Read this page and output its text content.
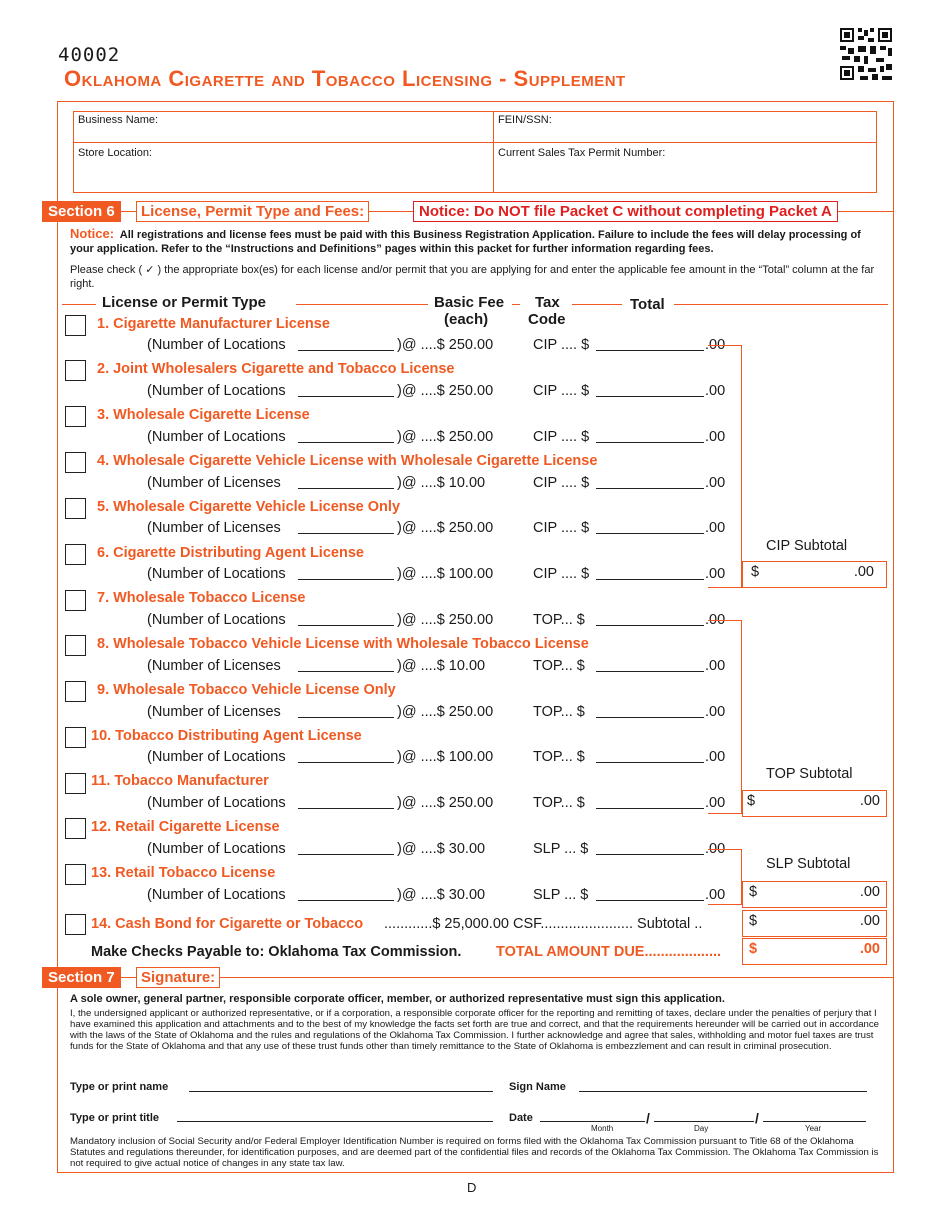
40002
Oklahoma Cigarette and Tobacco Licensing - Supplement
Business Name:	FEIN/SSN:
Store Location:	Current Sales Tax Permit Number:
Section 6	License, Permit Type and Fees:	Notice: Do NOT file Packet C without completing Packet A
Notice: All registrations and license fees must be paid with this Business Registration Application. Failure to include the fees will delay processing of your application. Refer to the “Instructions and Definitions” pages within this packet for further information regarding fees.
Please check ( ✓ ) the appropriate box(es) for each license and/or permit that you are applying for and enter the applicable fee amount in the “Total” column at the far right.
License or Permit Type	Basic Fee
(each)
Tax
Code
Total
1. Cigarette Manufacturer License
(Number of Locations	)@ ....$ 250.00	CIP .... $	.00
2. Joint Wholesalers Cigarette and Tobacco License
(Number of Locations	)@ ....$ 250.00	CIP .... $	.00
3. Wholesale Cigarette License
(Number of Locations	)@ ....$ 250.00	CIP .... $	.00
4. Wholesale Cigarette Vehicle License with Wholesale Cigarette License
(Number of Licenses	)@ ....$ 10.00	CIP .... $	.00
5. Wholesale Cigarette Vehicle License Only
(Number of Licenses	)@ ....$ 250.00	CIP .... $	.00
6. Cigarette Distributing Agent License
(Number of Locations	)@ ....$ 100.00	CIP .... $	.00
7. Wholesale Tobacco License
(Number of Locations	)@ ....$ 250.00	TOP... $	.00
8. Wholesale Tobacco Vehicle License with Wholesale Tobacco License
(Number of Licenses	)@ ....$ 10.00	TOP... $	.00
9. Wholesale Tobacco Vehicle License Only
(Number of Licenses	)@ ....$ 250.00	TOP... $	.00
10. Tobacco Distributing Agent License
(Number of Locations	)@ ....$ 100.00	TOP... $	.00
11. Tobacco Manufacturer
(Number of Locations	)@ ....$ 250.00	TOP... $	.00
12. Retail Cigarette License
(Number of Locations	)@ ....$ 30.00	SLP ... $	.00
13. Retail Tobacco License
(Number of Locations	)@ ....$ 30.00	SLP ... $	.00
CIP Subtotal
$	.00
TOP Subtotal
$	.00
SLP Subtotal
$	.00
14. Cash Bond for Cigarette or Tobacco ............$ 25,000.00 CSF....................... Subtotal ..	$	.00
Make Checks Payable to: Oklahoma Tax Commission. TOTAL AMOUNT DUE................... $	.00
Section 7	Signature:
A sole owner, general partner, responsible corporate officer, member, or authorized representative must sign this application.
I, the undersigned applicant or authorized representative, or if a corporation, a responsible corporate officer for the reporting and remitting of taxes, declare under the penalties of perjury that I have examined this application and attachments and to the best of my knowledge the facts set forth are true and correct, and that the requirements hereunder will be carried out in accordance with the laws of the State of Oklahoma and the rules and regulations of the Oklahoma Tax Commission. I further acknowledge and agree that sales, withholding and motor fuel taxes are trust funds for the State of Oklahoma and that any use of these trust funds other than timely remittance to the State of Oklahoma is embezzlement and can result in criminal prosecution.
Type or print name	Sign Name
Type or print title	Date	/	/
Month	Day	Year
Mandatory inclusion of Social Security and/or Federal Employer Identification Number is required on forms filed with the Oklahoma Tax Commission pursuant to Title 68 of the Oklahoma Statutes and regulations thereunder, for identification purposes, and are deemed part of the confidential files and records of the Oklahoma Tax Commission. The Oklahoma Tax Commission is not required to give actual notice of changes in any state tax law.
D
